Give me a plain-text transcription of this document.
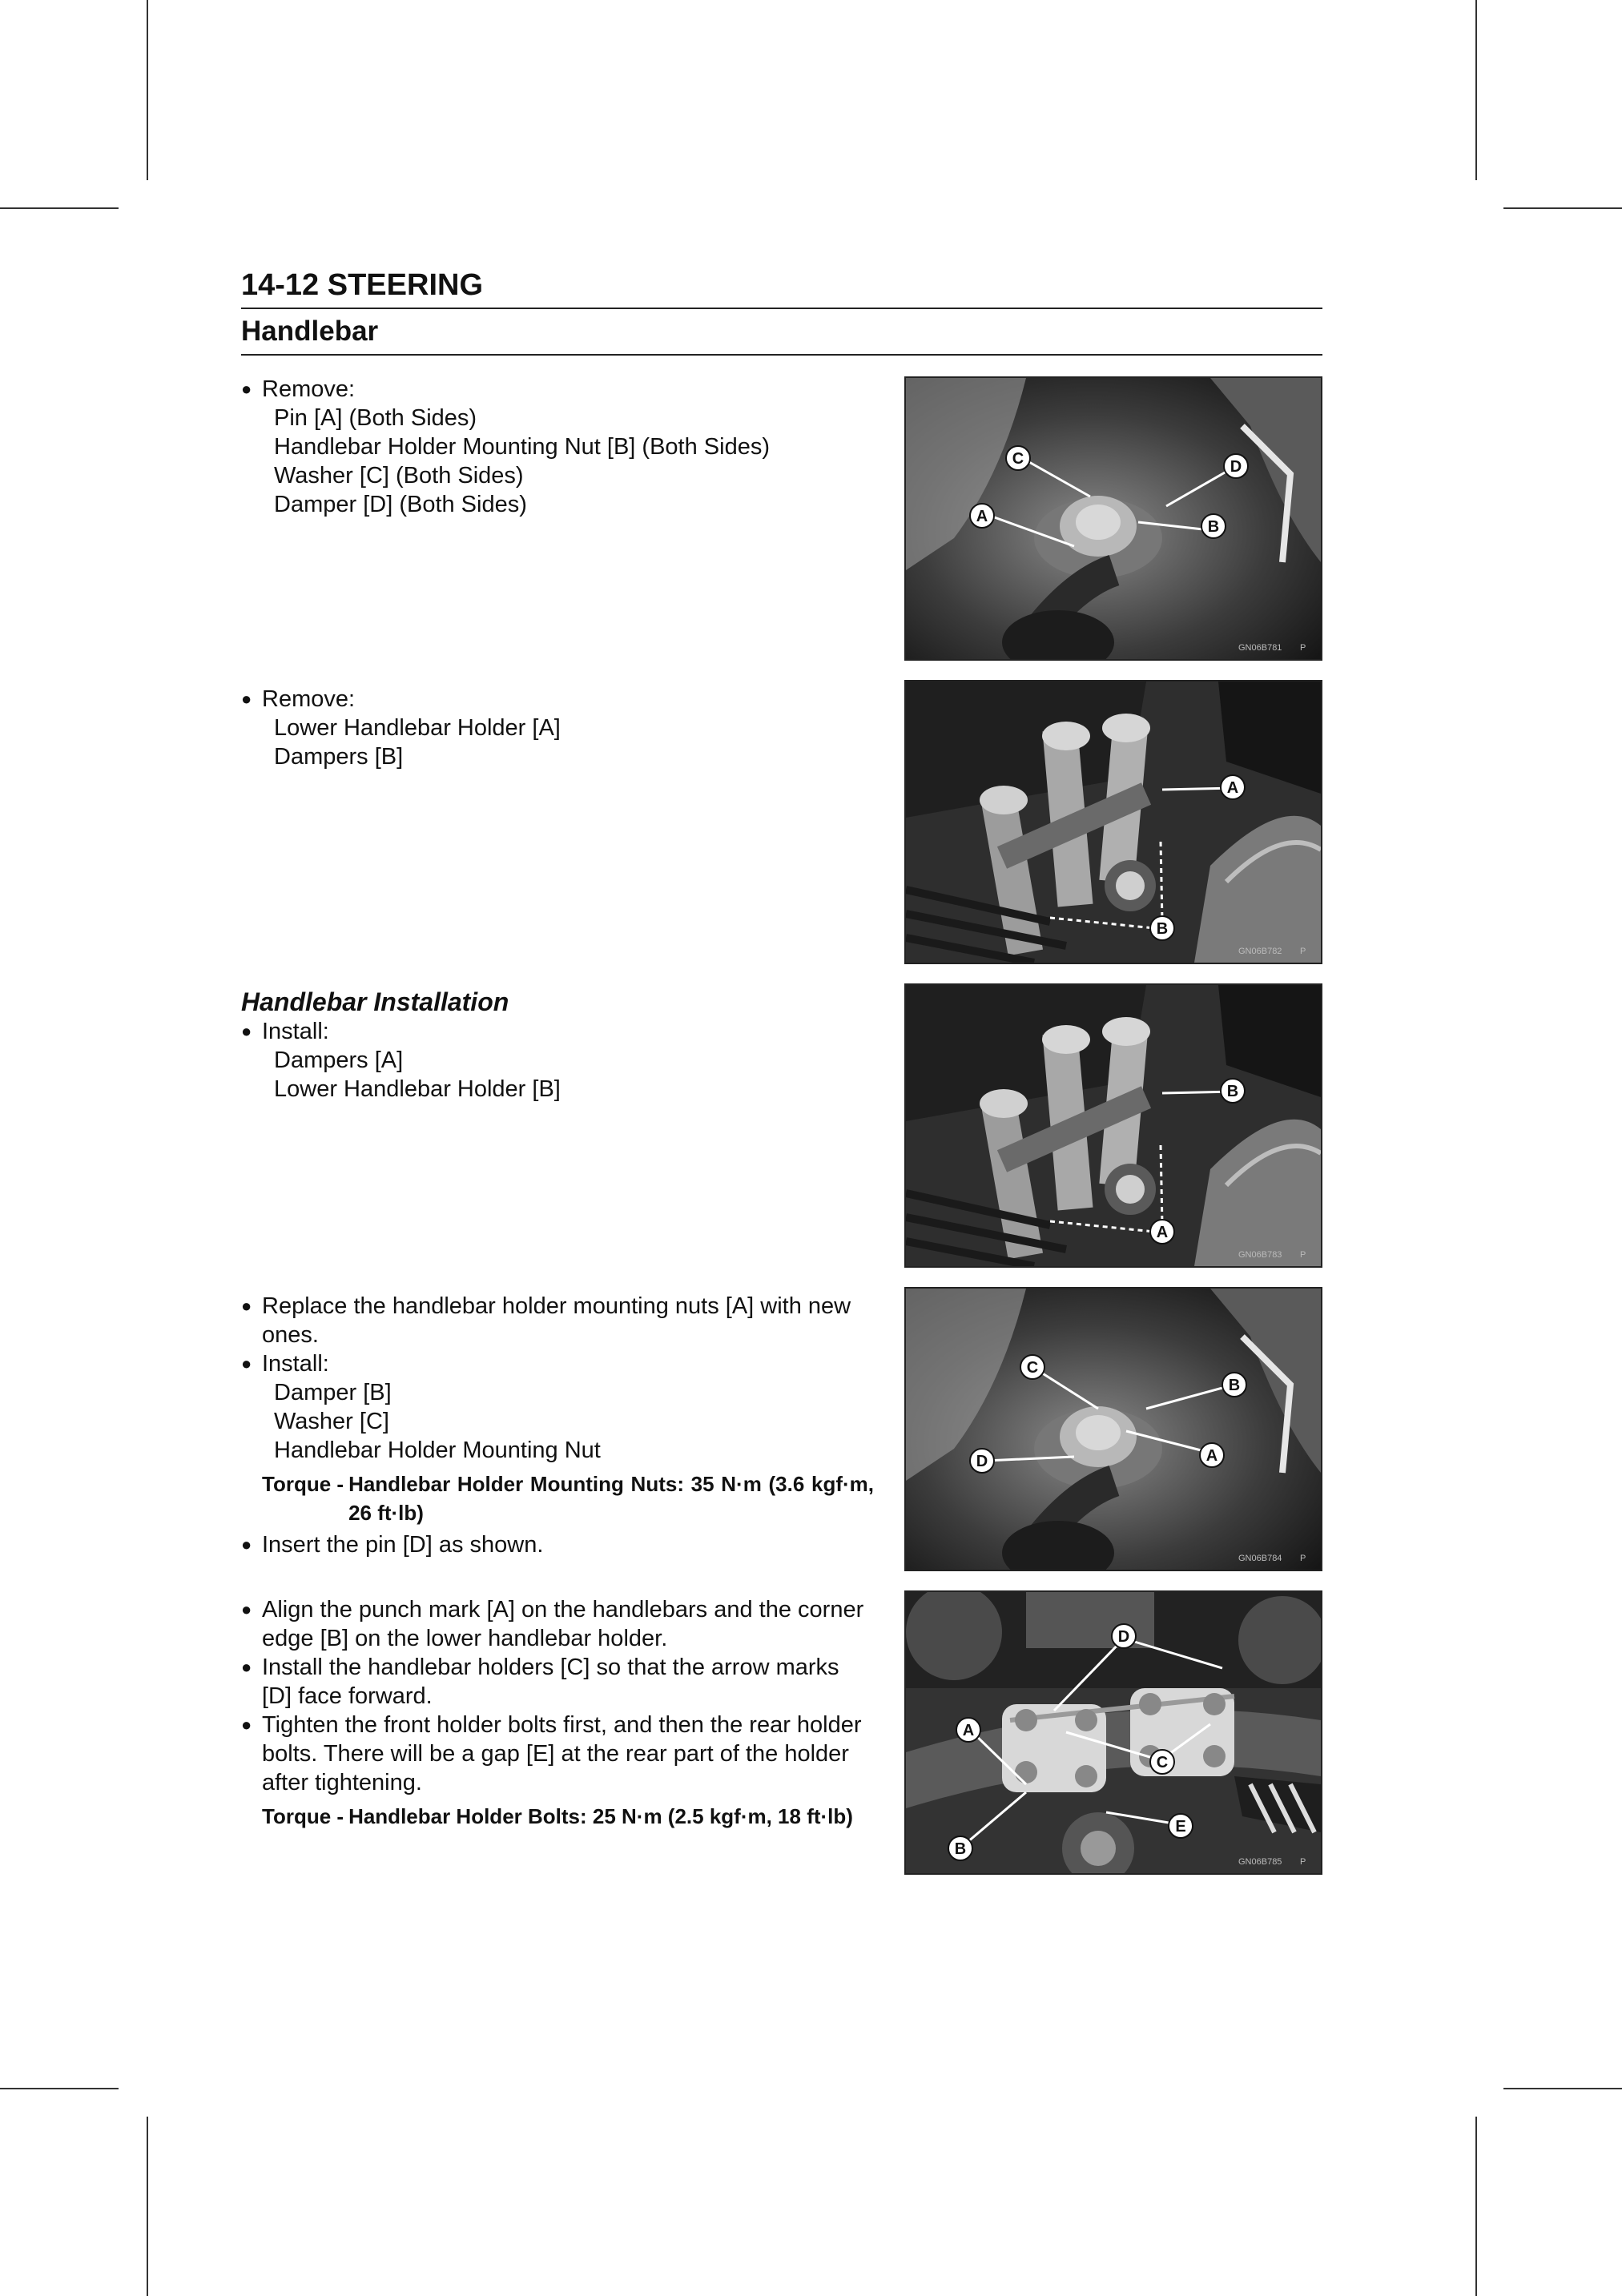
14-12 STEERING
Handlebar
● Remove:
Pin [A] (Both Sides)
Handlebar Holder Mounting Nut [B] (Both Sides)
Washer [C] (Both Sides)
Damper [D] (Both Sides)
● Remove:
Lower Handlebar Holder [A]
Dampers [B]
Handlebar Installation
● Install:
Dampers [A]
Lower Handlebar Holder [B]
● Replace the handlebar holder mounting nuts [A] with new ones.
● Install:
Damper [B]
Washer [C]
Handlebar Holder Mounting Nut
Torque - Handlebar Holder Mounting Nuts: 35 N·m (3.6 kgf·m, 26 ft·lb)
● Insert the pin [D] as shown.
● Align the punch mark [A] on the handlebars and the corner edge [B] on the lower handlebar holder.
● Install the handlebar holders [C] so that the arrow marks [D] face forward.
● Tighten the front holder bolts first, and then the rear holder bolts. There will be a gap [E] at the rear part of the holder after tightening.
Torque - Handlebar Holder Bolts: 25 N·m (2.5 kgf·m, 18 ft·lb)
C	D
A
B
GN06B781 P
A
B
GN06B782 P
B
A
GN06B783 P
C
B
D	A
GN06B784 P
D
A
C
E
B
GN06B785 P
